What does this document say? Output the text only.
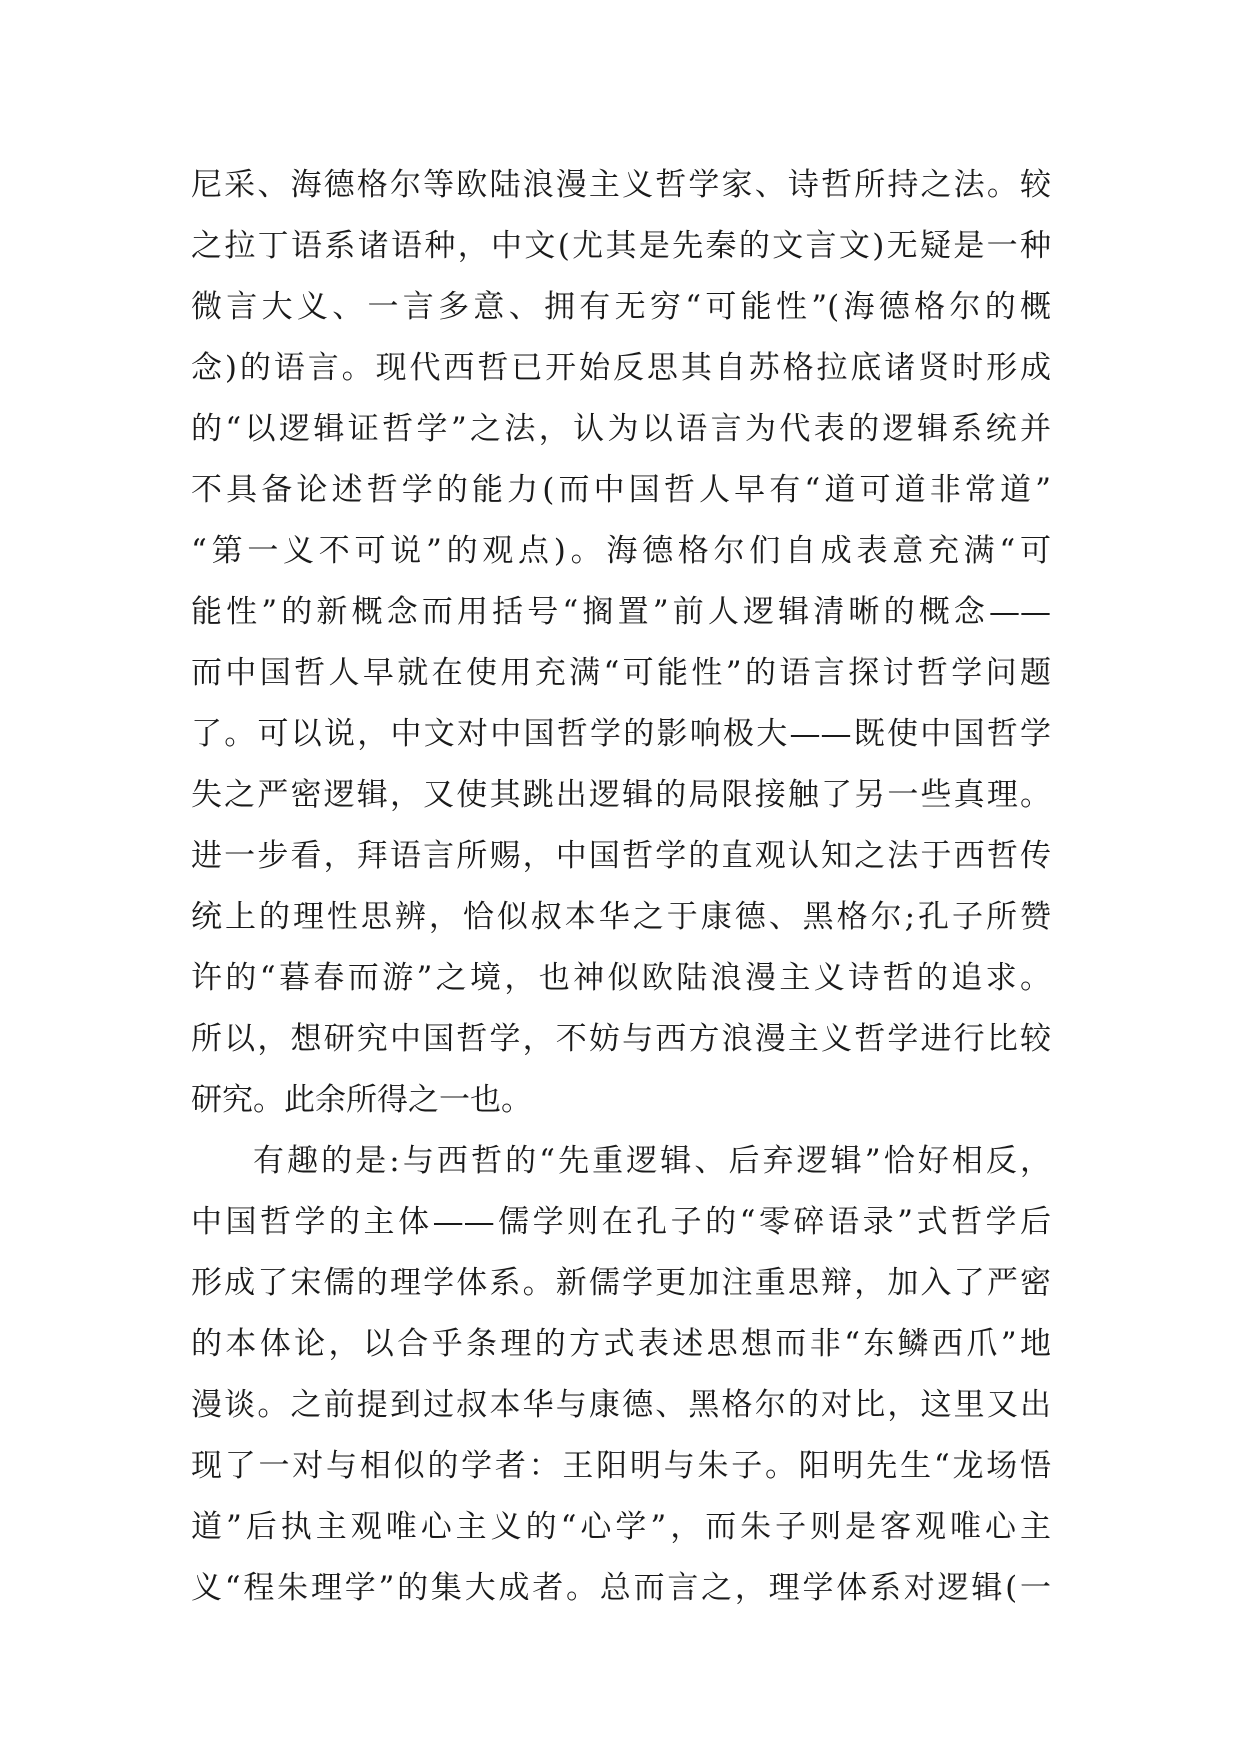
尼采、海德格尔等欧陆浪漫主义哲学家、诗哲所持之法。较
之拉丁语系诸语种，中文(尤其是先秦的文言文)无疑是一种
微言大义、一言多意、拥有无穷“可能性”(海德格尔的概
念)的语言。现代西哲已开始反思其自苏格拉底诸贤时形成
的“以逻辑证哲学”之法，认为以语言为代表的逻辑系统并
不具备论述哲学的能力(而中国哲人早有“道可道非常道”
“第一义不可说”的观点)。海德格尔们自成表意充满“可
能性”的新概念而用括号“搁置”前人逻辑清晰的概念——
而中国哲人早就在使用充满“可能性”的语言探讨哲学问题
了。可以说，中文对中国哲学的影响极大——既使中国哲学
失之严密逻辑，又使其跳出逻辑的局限接触了另一些真理。
进一步看，拜语言所赐，中国哲学的直观认知之法于西哲传
统上的理性思辨，恰似叔本华之于康德、黑格尔;孔子所赞
许的“暮春而游”之境，也神似欧陆浪漫主义诗哲的追求。
所以，想研究中国哲学，不妨与西方浪漫主义哲学进行比较
研究。此余所得之一也。
有趣的是:与西哲的“先重逻辑、后弃逻辑”恰好相反，
中国哲学的主体——儒学则在孔子的“零碎语录”式哲学后
形成了宋儒的理学体系。新儒学更加注重思辩，加入了严密
的本体论，以合乎条理的方式表述思想而非“东鳞西爪”地
漫谈。之前提到过叔本华与康德、黑格尔的对比，这里又出
现了一对与相似的学者：王阳明与朱子。阳明先生“龙场悟
道”后执主观唯心主义的“心学”，而朱子则是客观唯心主
义“程朱理学”的集大成者。总而言之，理学体系对逻辑(一
